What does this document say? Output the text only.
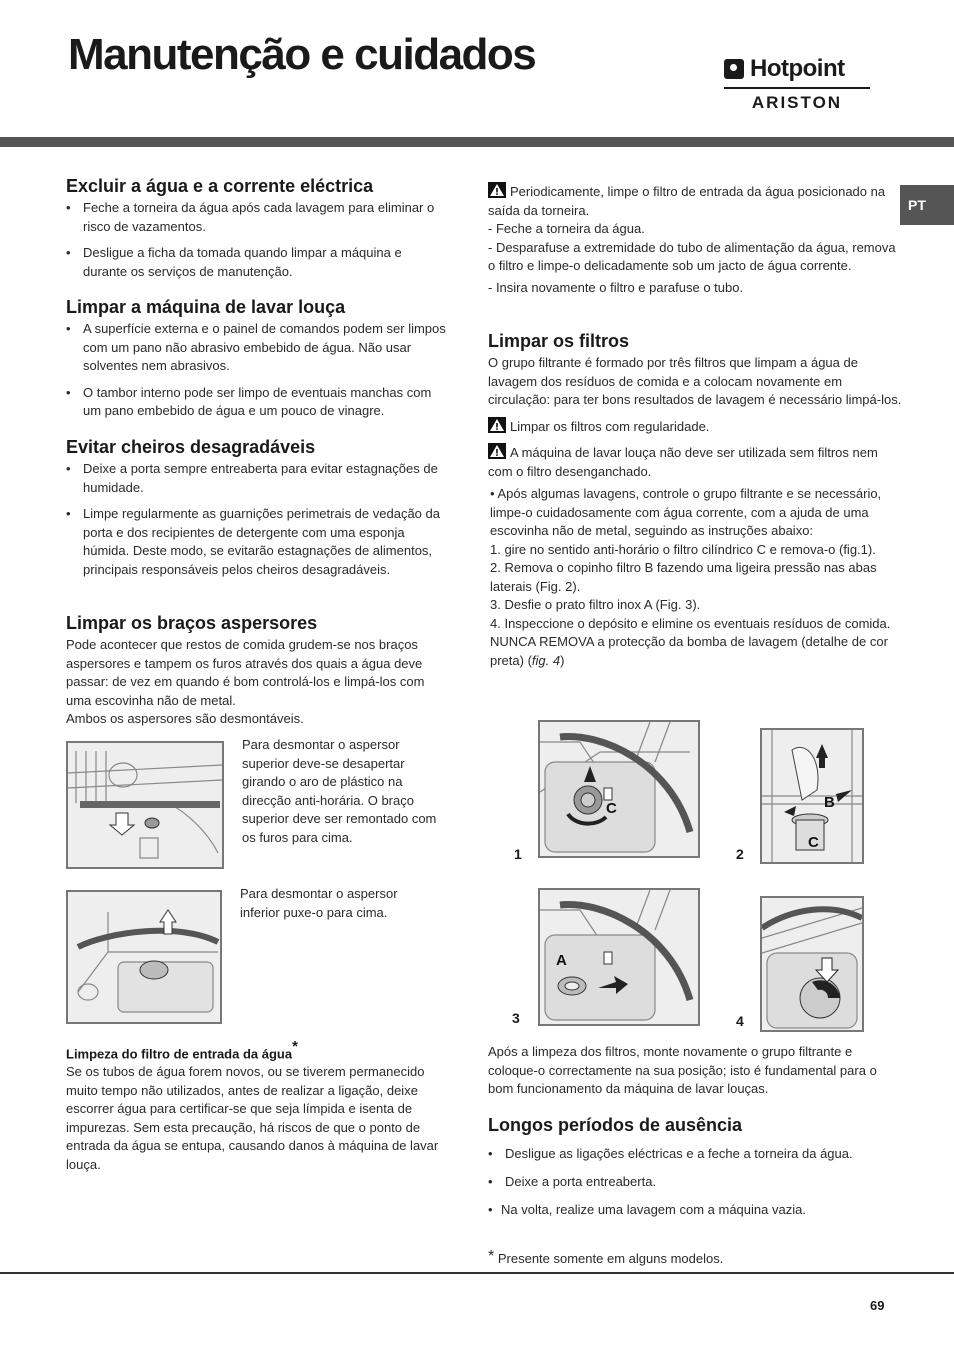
Manutenção e cuidados	Hotpoint
ARISTON
PT
Excluir a água e a corrente eléctrica
• Feche a torneira da água após cada lavagem para eliminar o risco de vazamentos.
• Desligue a ficha da tomada quando limpar a máquina e durante os serviços de manutenção.
Limpar a máquina de lavar louça
• A superfície externa e o painel de comandos podem ser limpos com um pano não abrasivo embebido de água. Não usar solventes nem abrasivos.
• O tambor interno pode ser limpo de eventuais manchas com um pano embebido de água e um pouco de vinagre.
Evitar cheiros desagradáveis
• Deixe a porta sempre entreaberta para evitar estagnações de humidade.
• Limpe regularmente as guarnições perimetrais de vedação da porta e dos recipientes de detergente com uma esponja húmida. Deste modo, se evitarão estagnações de alimentos, principais responsáveis pelos cheiros desagradáveis.
Limpar os braços aspersores

Pode acontecer que restos de comida grudem-se nos braços aspersores e tampem os furos através dos quais a água deve passar: de vez em quando é bom controlá-los e limpá-los com uma escovinha não de metal.

Ambos os aspersores são desmontáveis.

Para desmontar o aspersor superior deve-se desapertar girando o aro de plástico na direcção anti-horária. O braço superior deve ser remontado com os furos para cima.
Para desmontar o aspersor inferior puxe-o para cima.
Limpeza do filtro de entrada da água*

Se os tubos de água forem novos, ou se tiverem permanecido muito tempo não utilizados, antes de realizar a ligação, deixe escorrer água para certificar-se que seja límpida e isenta de impurezas. Sem esta precaução, há riscos de que o ponto de entrada da água se entupa, causando danos à máquina de lavar louça.

Periodicamente, limpe o filtro de entrada da água posicionado na saída da torneira.

- Feche a torneira da água.

- Desparafuse a extremidade do tubo de alimentação da água, remova o filtro e limpe-o delicadamente sob um jacto de água corrente.

- Insira novamente o filtro e parafuse o tubo.

Limpar os filtros

O grupo filtrante é formado por três filtros que limpam a água de lavagem dos resíduos de comida e a colocam novamente em circulação: para ter bons resultados de lavagem é necessário limpá-los.

Limpar os filtros com regularidade.

A máquina de lavar louça não deve ser utilizada sem filtros nem com o filtro desenganchado.

• Após algumas lavagens, controle o grupo filtrante e se necessário, limpe-o cuidadosamente com água corrente, com a ajuda de uma escovinha não de metal, seguindo as instruções abaixo:

1. gire no sentido anti-horário o filtro cilíndrico C e remova-o (fig.1).

2. Remova o copinho filtro B fazendo uma ligeira pressão nas abas laterais (Fig. 2).

3. Desfie o prato filtro inox A (Fig. 3).

4. Inspeccione o depósito e elimine os eventuais resíduos de comida. NUNCA REMOVA a protecção da bomba de lavagem (detalhe de cor preta) (fig. 4)

C
1
B
C
2
A
3	4

Após a limpeza dos filtros, monte novamente o grupo filtrante e coloque-o correctamente na sua posição; isto é fundamental para o bom funcionamento da máquina de lavar louças.

Longos períodos de ausência
• Desligue as ligações eléctricas e a feche a torneira da água.
• Deixe a porta entreaberta.
• Na volta, realize uma lavagem com a máquina vazia.

* Presente somente em alguns modelos.

69
